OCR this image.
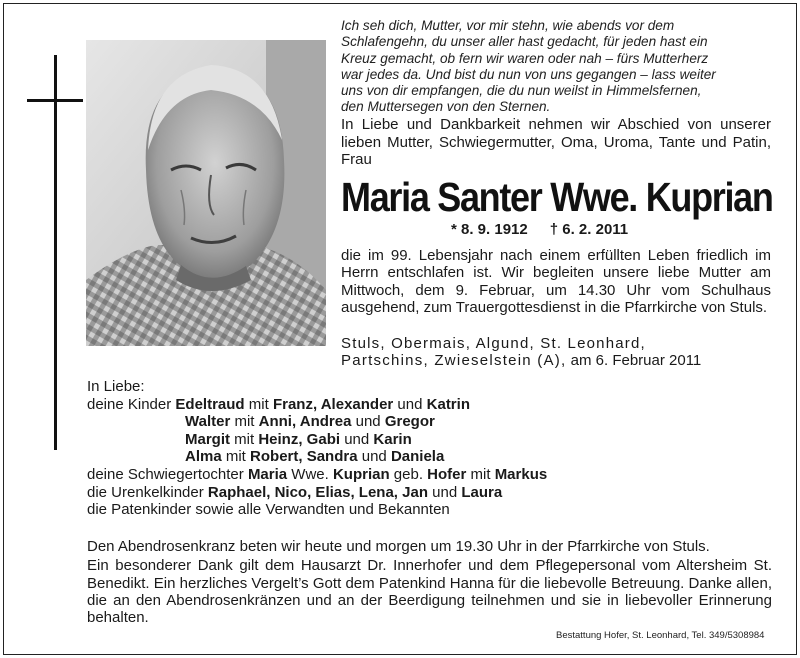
Ich seh dich, Mutter, vor mir stehn, wie abends vor dem
Schlafengehn, du unser aller hast gedacht, für jeden hast ein
Kreuz gemacht, ob fern wir waren oder nah – fürs Mutterherz
war jedes da. Und bist du nun von uns gegangen – lass weiter
uns von dir empfangen, die du nun weilst in Himmelsfernen,
den Muttersegen von den Sternen.
In Liebe und Dankbarkeit nehmen wir Abschied von unserer lieben Mutter, Schwiegermutter, Oma, Uroma, Tante und Patin, Frau
Maria Santer Wwe. Kuprian
* 8. 9. 1912 † 6. 2. 2011
die im 99. Lebensjahr nach einem erfüllten Leben friedlich im Herrn entschlafen ist. Wir begleiten unsere liebe Mutter am Mittwoch, dem 9. Februar, um 14.30 Uhr vom Schulhaus ausgehend, zum Trauergottesdienst in die Pfarrkirche von Stuls.
Stuls, Obermais, Algund, St. Leonhard,
Partschins, Zwieselstein (A), am 6. Februar 2011
In Liebe:
deine Kinder Edeltraud mit Franz, Alexander und Katrin
Walter mit Anni, Andrea und Gregor
Margit mit Heinz, Gabi und Karin
Alma mit Robert, Sandra und Daniela
deine Schwiegertochter Maria Wwe. Kuprian geb. Hofer mit Markus
die Urenkelkinder Raphael, Nico, Elias, Lena, Jan und Laura
die Patenkinder sowie alle Verwandten und Bekannten

Den Abendrosenkranz beten wir heute und morgen um 19.30 Uhr in der Pfarrkirche von Stuls.

Ein besonderer Dank gilt dem Hausarzt Dr. Innerhofer und dem Pflegepersonal vom Altersheim St. Benedikt. Ein herzliches Vergelt’s Gott dem Patenkind Hanna für die liebevolle Betreuung. Danke allen, die an den Abendrosenkränzen und an der Beerdigung teilnehmen und sie in liebevoller Erinnerung behalten.

Bestattung Hofer, St. Leonhard, Tel. 349/5308984
